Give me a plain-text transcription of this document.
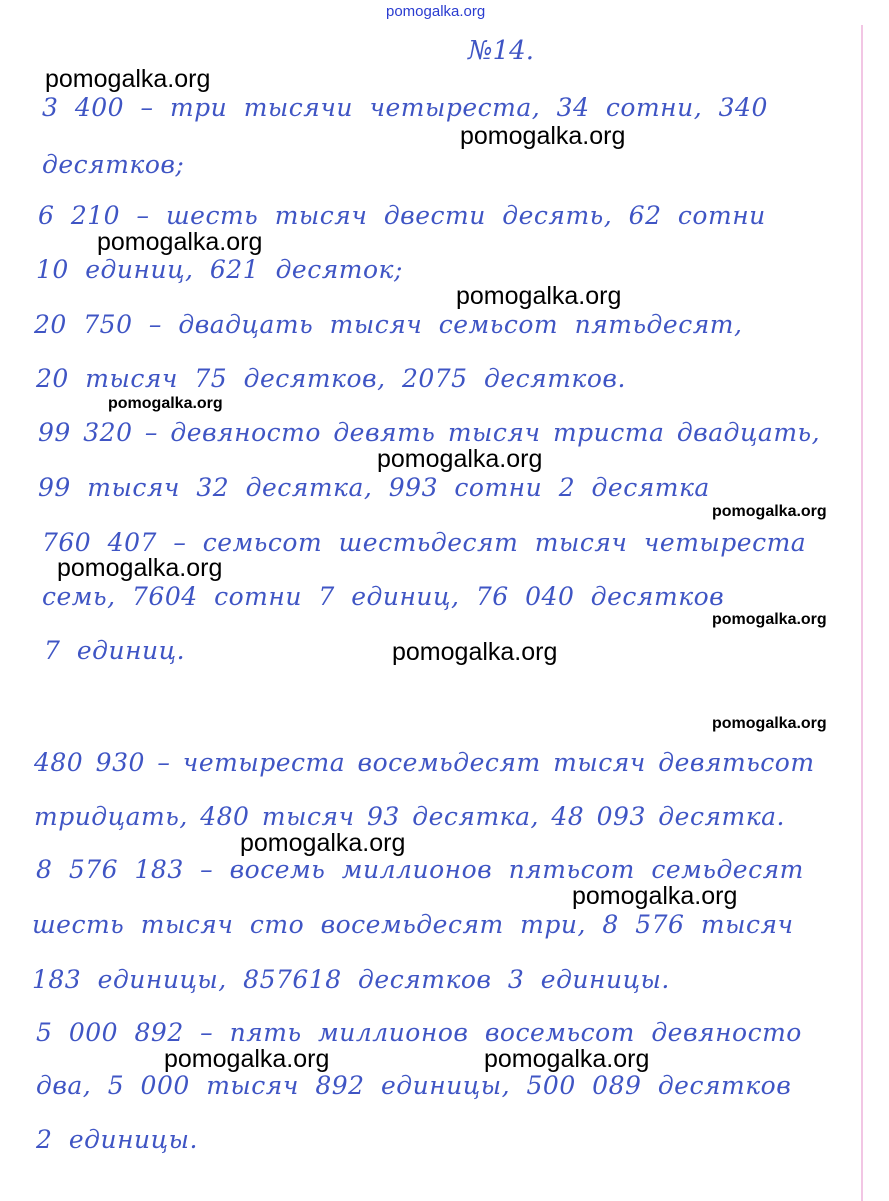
pomogalka.org
№14.
3 400 – три тысячи четыреста, 34 сотни, 340
десятков;
6 210 – шесть тысяч двести десять, 62 сотни
10 единиц, 621 десяток;
20 750 – двадцать тысяч семьсот пятьдесят,
20 тысяч 75 десятков, 2075 десятков.
99 320 – девяносто девять тысяч триста двадцать,
99 тысяч 32 десятка, 993 сотни 2 десятка
760 407 – семьсот шестьдесят тысяч четыреста
семь, 7604 сотни 7 единиц, 76 040 десятков
7 единиц.
480 930 – четыреста восемьдесят тысяч девятьсот
тридцать, 480 тысяч 93 десятка, 48 093 десятка.
8 576 183 – восемь миллионов пятьсот семьдесят
шесть тысяч сто восемьдесят три, 8 576 тысяч
183 единицы, 857618 десятков 3 единицы.
5 000 892 – пять миллионов восемьсот девяносто
два, 5 000 тысяч 892 единицы, 500 089 десятков
2 единицы.
pomogalka.org
pomogalka.org
pomogalka.org
pomogalka.org
pomogalka.org
pomogalka.org
pomogalka.org
pomogalka.org
pomogalka.org
pomogalka.org
pomogalka.org
pomogalka.org
pomogalka.org
pomogalka.org	pomogalka.org
